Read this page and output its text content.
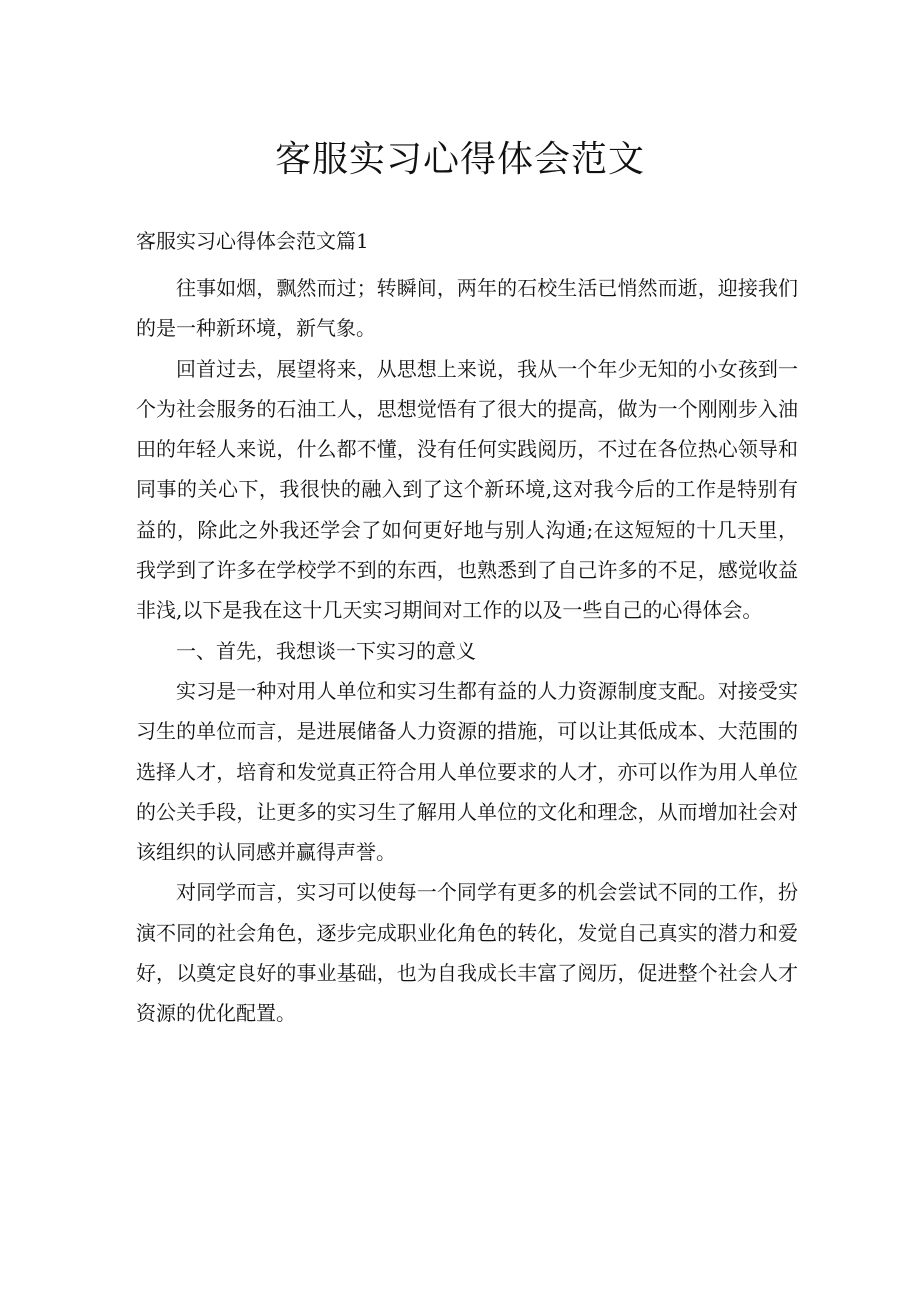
客服实习心得体会范文

客服实习心得体会范文篇1

往事如烟，飘然而过；转瞬间，两年的石校生活已悄然而逝，迎接我们的是一种新环境，新气象。

回首过去，展望将来，从思想上来说，我从一个年少无知的小女孩到一个为社会服务的石油工人，思想觉悟有了很大的提高，做为一个刚刚步入油田的年轻人来说，什么都不懂，没有任何实践阅历，不过在各位热心领导和同事的关心下，我很快的融入到了这个新环境,这对我今后的工作是特别有益的，除此之外我还学会了如何更好地与别人沟通;在这短短的十几天里，我学到了许多在学校学不到的东西，也熟悉到了自己许多的不足，感觉收益非浅,以下是我在这十几天实习期间对工作的以及一些自己的心得体会。

一、首先，我想谈一下实习的意义

实习是一种对用人单位和实习生都有益的人力资源制度支配。对接受实习生的单位而言，是进展储备人力资源的措施，可以让其低成本、大范围的选择人才，培育和发觉真正符合用人单位要求的人才，亦可以作为用人单位的公关手段，让更多的实习生了解用人单位的文化和理念，从而增加社会对该组织的认同感并赢得声誉。

对同学而言，实习可以使每一个同学有更多的机会尝试不同的工作，扮演不同的社会角色，逐步完成职业化角色的转化，发觉自己真实的潜力和爱好，以奠定良好的事业基础，也为自我成长丰富了阅历，促进整个社会人才资源的优化配置。
